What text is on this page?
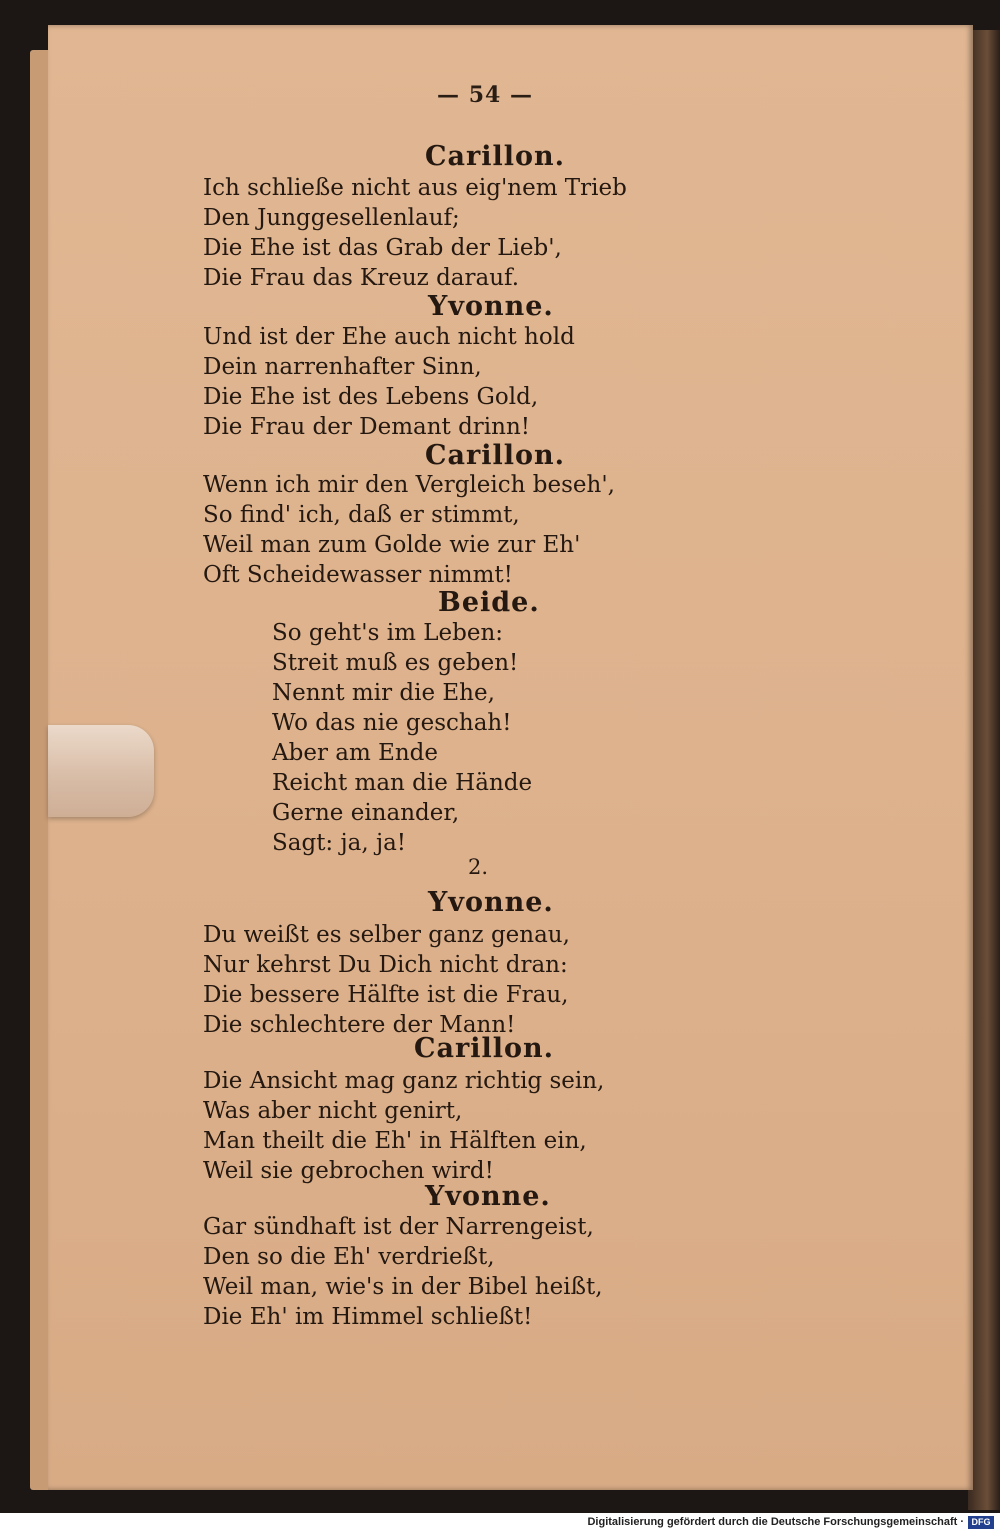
— 54 —
Carillon.
Ich schließe nicht aus eig'nem Trieb
Den Junggesellenlauf;
Die Ehe ist das Grab der Lieb',
Die Frau das Kreuz darauf.
Yvonne.
Und ist der Ehe auch nicht hold
Dein narrenhafter Sinn,
Die Ehe ist des Lebens Gold,
Die Frau der Demant drinn!
Carillon.
Wenn ich mir den Vergleich beseh',
So find' ich, daß er stimmt,
Weil man zum Golde wie zur Eh'
Oft Scheidewasser nimmt!
Beide.
So geht's im Leben:
Streit muß es geben!
Nennt mir die Ehe,
Wo das nie geschah!
Aber am Ende
Reicht man die Hände
Gerne einander,
Sagt: ja, ja!
2.
Yvonne.
Du weißt es selber ganz genau,
Nur kehrst Du Dich nicht dran:
Die bessere Hälfte ist die Frau,
Die schlechtere der Mann!
Carillon.
Die Ansicht mag ganz richtig sein,
Was aber nicht genirt,
Man theilt die Eh' in Hälften ein,
Weil sie gebrochen wird!
Yvonne.
Gar sündhaft ist der Narrengeist,
Den so die Eh' verdrießt,
Weil man, wie's in der Bibel heißt,
Die Eh' im Himmel schließt!
Digitalisierung gefördert durch die Deutsche Forschungsgemeinschaft · DFG
